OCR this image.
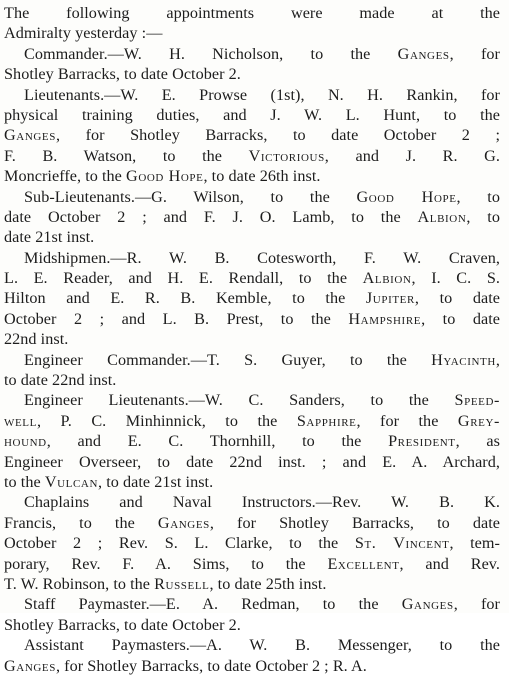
The following appointments were made at the
Admiralty yesterday :—
Commander.—W. H. Nicholson, to the Ganges, for
Shotley Barracks, to date October 2.
Lieutenants.—W. E. Prowse (1st), N. H. Rankin, for
physical training duties, and J. W. L. Hunt, to the
Ganges, for Shotley Barracks, to date October 2 ;
F. B. Watson, to the Victorious, and J. R. G.
Moncrieffe, to the Good Hope, to date 26th inst.
Sub-Lieutenants.—G. Wilson, to the Good Hope, to
date October 2 ; and F. J. O. Lamb, to the Albion, to
date 21st inst.
Midshipmen.—R. W. B. Cotesworth, F. W. Craven,
L. E. Reader, and H. E. Rendall, to the Albion, I. C. S.
Hilton and E. R. B. Kemble, to the Jupiter, to date
October 2 ; and L. B. Prest, to the Hampshire, to date
22nd inst.
Engineer Commander.—T. S. Guyer, to the Hyacinth,
to date 22nd inst.
Engineer Lieutenants.—W. C. Sanders, to the Speed-
well, P. C. Minhinnick, to the Sapphire, for the Grey-
hound, and E. C. Thornhill, to the President, as
Engineer Overseer, to date 22nd inst. ; and E. A. Archard,
to the Vulcan, to date 21st inst.
Chaplains and Naval Instructors.—Rev. W. B. K.
Francis, to the Ganges, for Shotley Barracks, to date
October 2 ; Rev. S. L. Clarke, to the St. Vincent, tem-
porary, Rev. F. A. Sims, to the Excellent, and Rev.
T. W. Robinson, to the Russell, to date 25th inst.
Staff Paymaster.—E. A. Redman, to the Ganges, for
Shotley Barracks, to date October 2.
Assistant Paymasters.—A. W. B. Messenger, to the
Ganges, for Shotley Barracks, to date October 2 ; R. A.
